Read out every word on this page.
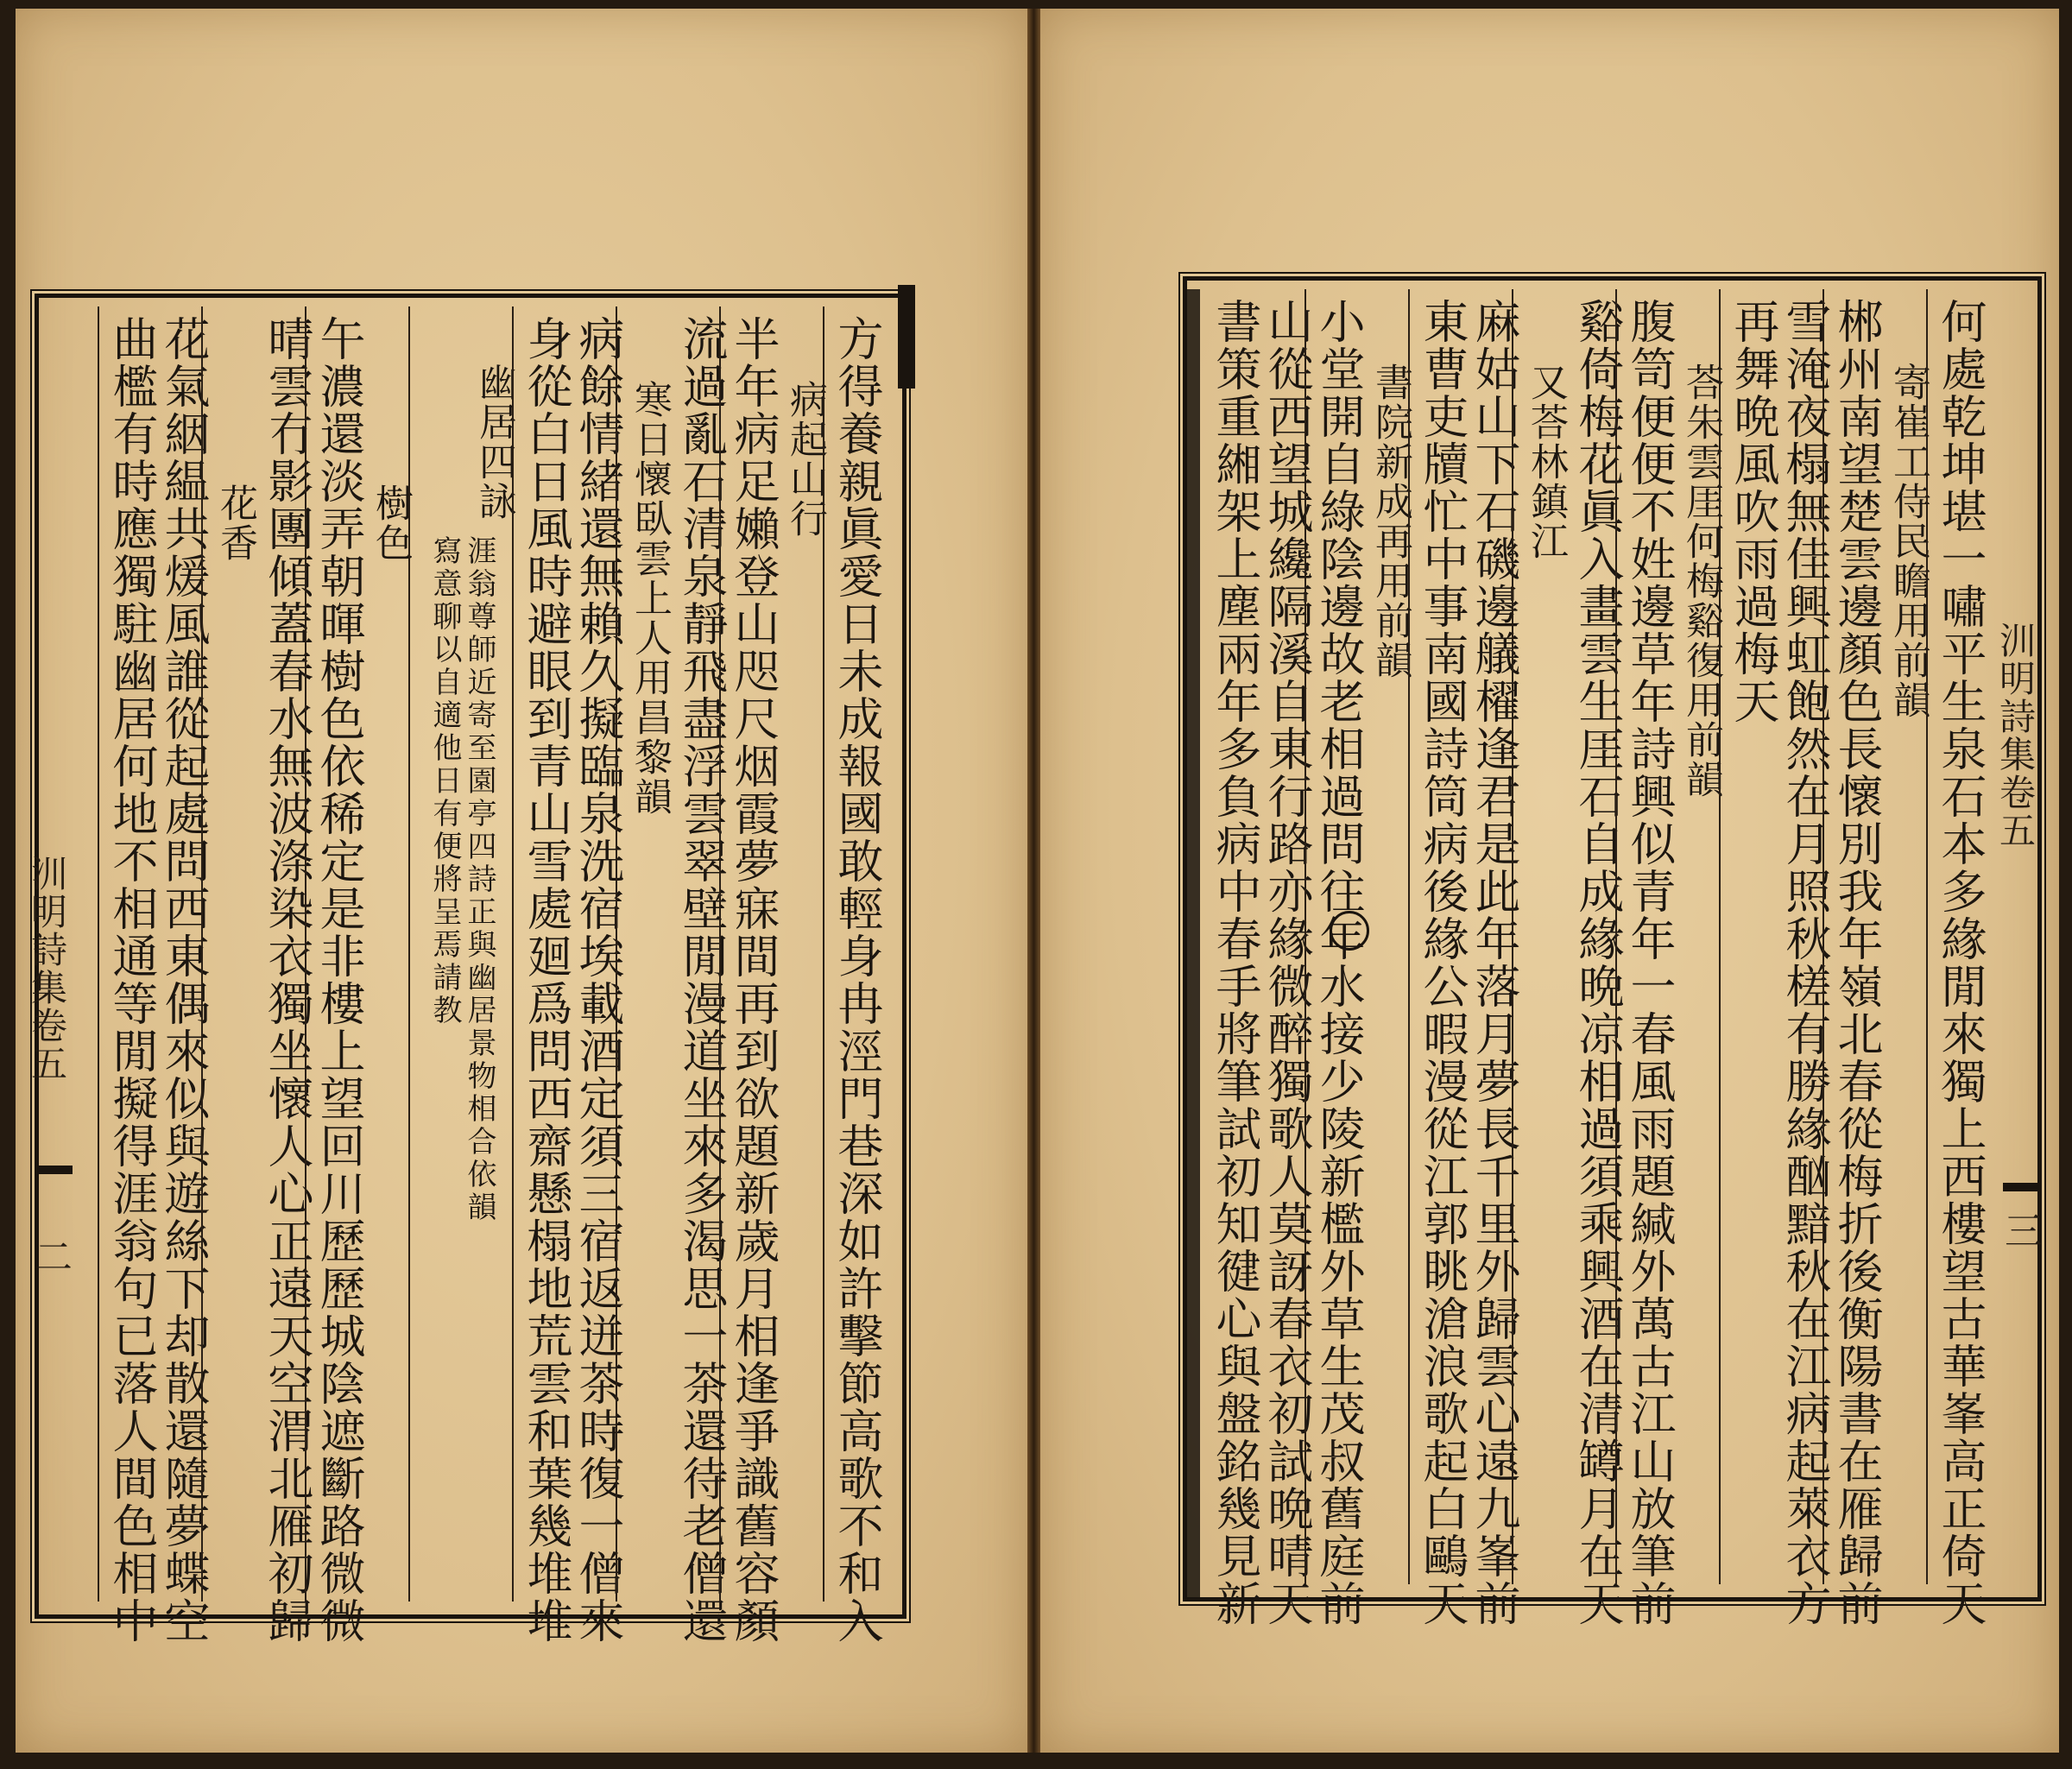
方得養親眞愛日未成報國敢輕身冉涇門巷深如許擊節高歌不和入
病起山行
半年病足嬾登山咫尺烟霞夢寐間再到欲題新歲月相逢爭識舊容顏
流過亂石清泉靜飛盡浮雲翠壁閒漫道坐來多渴思一茶還待老僧還
寒日懷臥雲上人用昌黎韻
病餘情緒還無賴久擬臨泉洗宿埃載酒定須三宿返迸茶時復一僧來
身從白日風時避眼到青山雪處廻爲問西齋懸榻地荒雲和葉幾堆堆
幽居四詠
寫意聊以自適他日有便將呈焉請教 涯翁尊師近寄至園亭四詩正與幽居景物相合依韻
樹色
午濃還淡弄朝暉樹色依稀定是非樓上望回川歷歷城陰遮斷路微微
晴雲冇影團傾蓋春水無波涤染衣獨坐懷人心正遠天空渭北雁初歸
花香
花氣絪緼共煖風誰從起處問西東偶來似與遊絲下却散還隨夢蝶空
曲檻有時應獨駐幽居何地不相通等閒擬得涯翁句已落人間色相中
汌明詩集卷五
二	何處乾坤堪一嘯平生泉石本多緣閒來獨上西樓望古華峯高正倚天
寄崔工侍民瞻用前韻
郴州南望楚雲邊顏色長懷別我年嶺北春從梅折後衡陽書在雁歸前
雪淹夜榻無佳興虹飽然在月照秋槎有勝緣酗黯秋在江病起萊衣方
再舞晩風吹雨過梅天
荅朱雲厓何梅谿復用前韻
腹笥便便不姓邊草年詩興似青年一春風雨題緘外萬古江山放筆前
谿倚梅花眞入畫雲生厓石自成緣晩凉相過須乘興酒在清罇月在天
又荅林鎮江
麻姑山下石磯邊艤櫂逢君是此年落月夢長千里外歸雲心遠九峯前
東曹吏牘忙中事南國詩筒病後緣公暇漫從江郭眺滄浪歌起白鷗天
書院新成再用前韻
小堂開自綠陰邊故老相過問往年水接少陵新檻外草生茂叔舊庭前
山從西望城纔隔溪自東行路亦緣微醉獨歌人莫訝春衣初試晩晴天
書策重緗架上塵兩年多負病中春手將筆試初知徤心與盤銘幾見新	汌明詩集卷五
三
